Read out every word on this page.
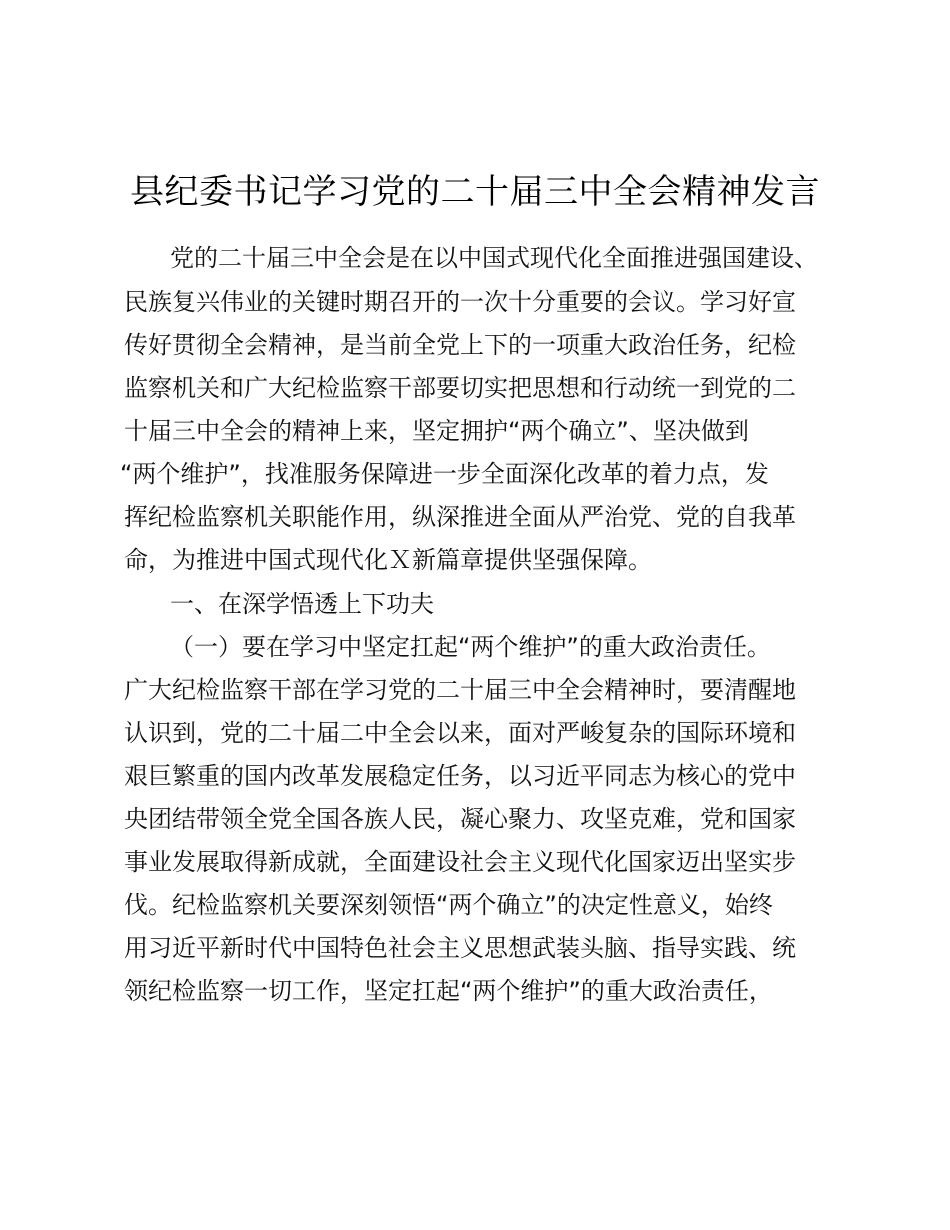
县纪委书记学习党的二十届三中全会精神发言
党的二十届三中全会是在以中国式现代化全面推进强国建设、
民族复兴伟业的关键时期召开的一次十分重要的会议。学习好宣
传好贯彻全会精神，是当前全党上下的一项重大政治任务，纪检
监察机关和广大纪检监察干部要切实把思想和行动统一到党的二
十届三中全会的精神上来，坚定拥护“两个确立”、坚决做到
“两个维护”，找准服务保障进一步全面深化改革的着力点，发
挥纪检监察机关职能作用，纵深推进全面从严治党、党的自我革
命，为推进中国式现代化Ｘ新篇章提供坚强保障。
一、在深学悟透上下功夫
（一）要在学习中坚定扛起“两个维护”的重大政治责任。
广大纪检监察干部在学习党的二十届三中全会精神时，要清醒地
认识到，党的二十届二中全会以来，面对严峻复杂的国际环境和
艰巨繁重的国内改革发展稳定任务，以习近平同志为核心的党中
央团结带领全党全国各族人民，凝心聚力、攻坚克难，党和国家
事业发展取得新成就，全面建设社会主义现代化国家迈出坚实步
伐。纪检监察机关要深刻领悟“两个确立”的决定性意义，始终
用习近平新时代中国特色社会主义思想武装头脑、指导实践、统
领纪检监察一切工作，坚定扛起“两个维护”的重大政治责任，
